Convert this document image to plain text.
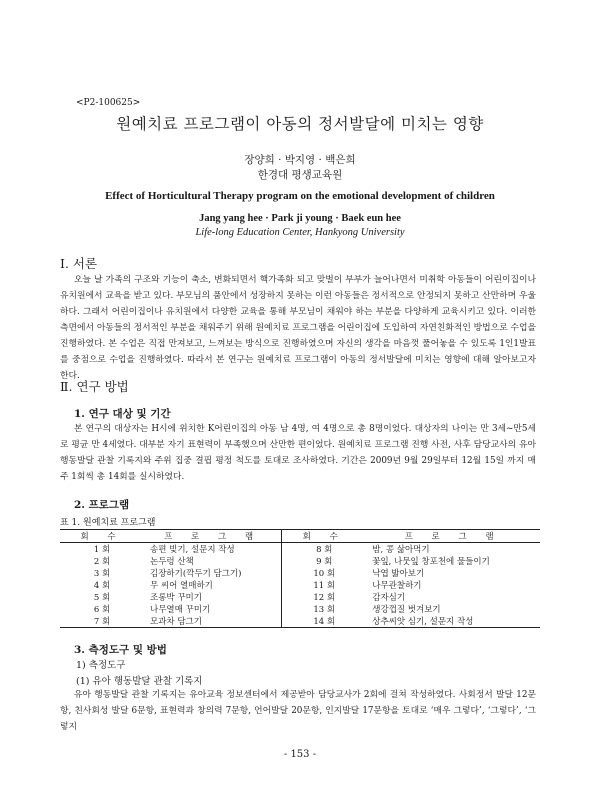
<P2-100625>
원예치료 프로그램이 아동의 정서발달에 미치는 영향
장양희 · 박지영 · 백은희
한경대 평생교육원
Effect of Horticultural Therapy program on the emotional development of children
Jang yang hee · Park ji young · Baek eun hee
Life-long Education Center, Hankyong University
Ⅰ. 서론

오늘 날 가족의 구조와 기능이 축소, 변화되면서 핵가족화 되고 맞벌이 부부가 늘어나면서 미취학 아동들이 어린이집이나 유치원에서 교육을 받고 있다. 부모님의 품안에서 성장하지 못하는 이런 아동들은 정서적으로 안정되지 못하고 산만하며 우울하다. 그래서 어린이집이나 유치원에서 다양한 교육을 통해 부모님이 채워야 하는 부분을 다양하게 교육시키고 있다. 이러한 측면에서 아동들의 정서적인 부분을 채워주기 위해 원예치료 프로그램을 어린이집에 도입하여 자연친화적인 방법으로 수업을 진행하였다. 본 수업은 직접 만져보고, 느껴보는 방식으로 진행하였으며 자신의 생각을 마음껏 풀어놓을 수 있도록 1인1발표를 중점으로 수업을 진행하였다. 따라서 본 연구는 원예치료 프로그램이 아동의 정서발달에 미치는 영향에 대해 알아보고자 한다.

Ⅱ. 연구 방법
1. 연구 대상 및 기간

본 연구의 대상자는 H시에 위치한 K어린이집의 아동 남 4명, 여 4명으로 총 8명이었다. 대상자의 나이는 만 3세~만5세로 평균 만 4세였다. 대부분 자기 표현력이 부족했으며 산만한 편이었다. 원예치료 프로그램 진행 사전, 사후 담당교사의 유아 행동발달 관찰 기록지와 주위 집중 결핍 평정 척도를 토대로 조사하였다. 기간은 2009년 9월 29일부터 12월 15일 까지 매주 1회씩 총 14회를 실시하였다.

2. 프로그램
표 1. 원예치료 프로그램
회 수	프 로 그 램	회 수	프 로 그 램
1 회	송편 빚기, 설문지 작성	8 회	밤, 콩 삶아먹기
2 회	논두렁 산책	9 회	꽃잎, 나뭇잎 창포천에 물들이기
3 회	김장하기(깍두기 담그기)	10 회	낙엽 밟아보기
4 회	무 씨어 열매하기	11 회	나무관찰하기
5 회	조롱박 꾸미기	12 회	감자심기
6 회	나무열매 꾸미기	13 회	생강껍질 벗겨보기
7 회	모과차 담그기	14 회	상추씨앗 심기, 설문지 작성
3. 측정도구 및 방법
1) 측정도구
(1) 유아 행동발달 관찰 기록지

유아 행동발달 관찰 기록지는 유아교육 정보센터에서 제공받아 담당교사가 2회에 걸쳐 작성하였다. 사회정서 발달 12문항, 친사회성 발달 6문항, 표현력과 창의력 7문항, 언어발달 20문항, 인지발달 17문항을 토대로 ‘매우 그렇다’, ‘그렇다’, ‘그렇지

- 153 -
